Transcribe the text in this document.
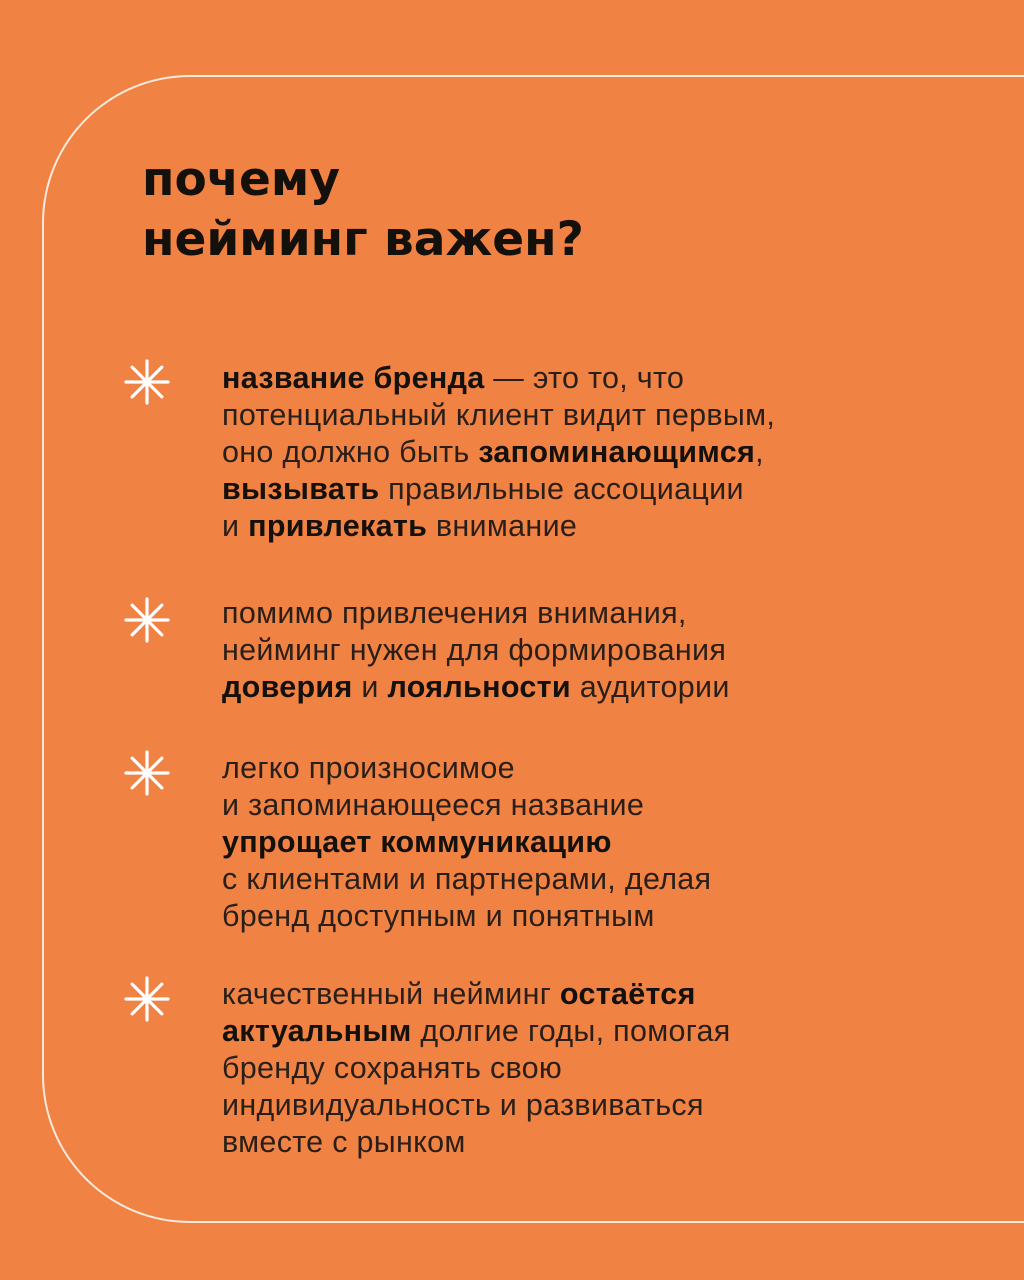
почему
нейминг важен?
название бренда — это то, что
потенциальный клиент видит первым,
оно должно быть запоминающимся,
вызывать правильные ассоциации
и привлекать внимание
помимо привлечения внимания,
нейминг нужен для формирования
доверия и лояльности аудитории
легко произносимое
и запоминающееся название
упрощает коммуникацию
с клиентами и партнерами, делая
бренд доступным и понятным
качественный нейминг остаётся
актуальным долгие годы, помогая
бренду сохранять свою
индивидуальность и развиваться
вместе с рынком
